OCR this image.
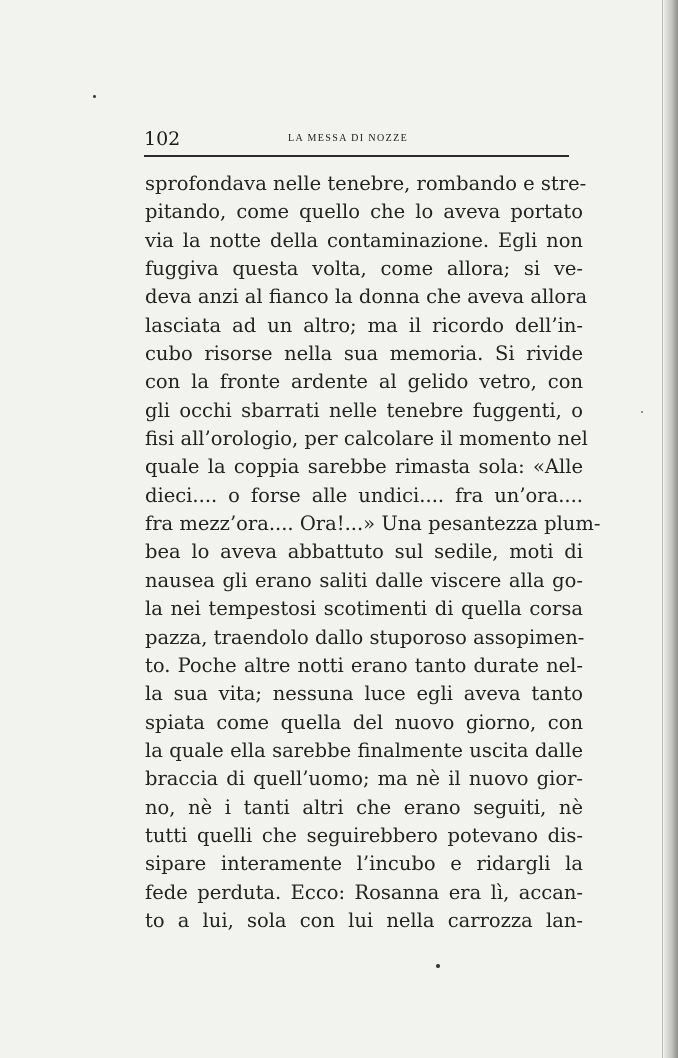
102	LA MESSA DI NOZZE
sprofondava nelle tenebre, rombando e stre-
pitando, come quello che lo aveva portato
via la notte della contaminazione. Egli non
fuggiva questa volta, come allora; si ve-
deva anzi al fianco la donna che aveva allora
lasciata ad un altro; ma il ricordo dell’in-
cubo risorse nella sua memoria. Si rivide
con la fronte ardente al gelido vetro, con
gli occhi sbarrati nelle tenebre fuggenti, o
fisi all’orologio, per calcolare il momento nel
quale la coppia sarebbe rimasta sola: «Alle
dieci.... o forse alle undici.... fra un’ora....
fra mezz’ora.... Ora!...» Una pesantezza plum-
bea lo aveva abbattuto sul sedile, moti di
nausea gli erano saliti dalle viscere alla go-
la nei tempestosi scotimenti di quella corsa
pazza, traendolo dallo stuporoso assopimen-
to. Poche altre notti erano tanto durate nel-
la sua vita; nessuna luce egli aveva tanto
spiata come quella del nuovo giorno, con
la quale ella sarebbe finalmente uscita dalle
braccia di quell’uomo; ma nè il nuovo gior-
no, nè i tanti altri che erano seguiti, nè
tutti quelli che seguirebbero potevano dis-
sipare interamente l’incubo e ridargli la
fede perduta. Ecco: Rosanna era lì, accan-
to a lui, sola con lui nella carrozza lan-
